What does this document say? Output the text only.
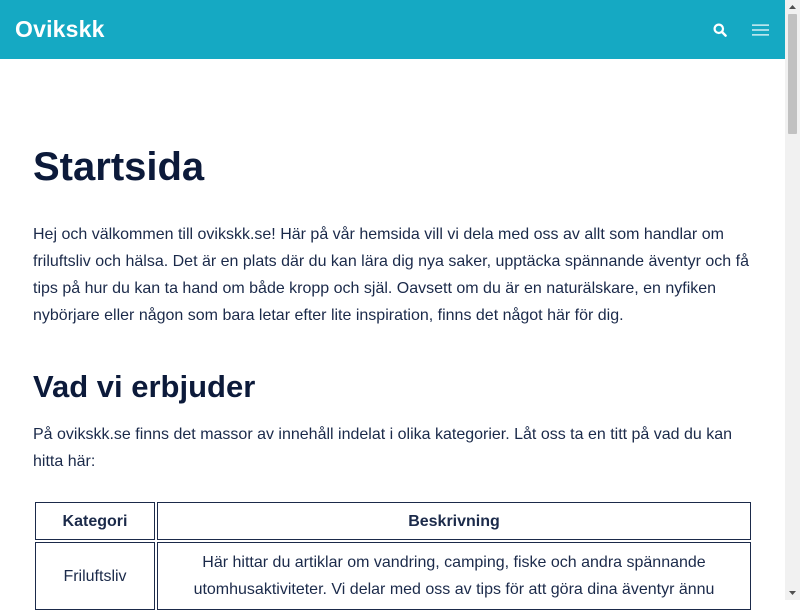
Ovikskk
Startsida

Hej och välkommen till ovikskk.se! Här på vår hemsida vill vi dela med oss av allt som handlar om friluftsliv och hälsa. Det är en plats där du kan lära dig nya saker, upptäcka spännande äventyr och få tips på hur du kan ta hand om både kropp och själ. Oavsett om du är en naturälskare, en nyfiken nybörjare eller någon som bara letar efter lite inspiration, finns det något här för dig.

Vad vi erbjuder

På ovikskk.se finns det massor av innehåll indelat i olika kategorier. Låt oss ta en titt på vad du kan hitta här:

Kategori	Beskrivning
Friluftsliv	Här hittar du artiklar om vandring, camping, fiske och andra spännande utomhusaktiviteter. Vi delar med oss av tips för att göra dina äventyr ännu
